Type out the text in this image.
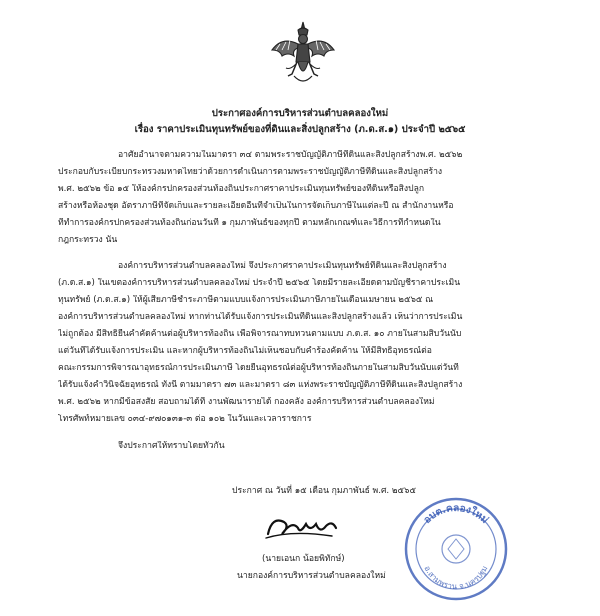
ประกาศองค์การบริหารส่วนตำบลคลองใหม่
เรื่อง ราคาประเมินทุนทรัพย์ของที่ดินและสิ่งปลูกสร้าง (ภ.ด.ส.๑) ประจำปี ๒๕๖๕
อาศัยอำนาจตามความในมาตรา ๓๔ ตามพระราชบัญญัติภาษีที่ดินและสิ่งปลูกสร้างพ.ศ. ๒๕๖๒
ประกอบกับระเบียบกระทรวงมหาดไทยว่าด้วยการดำเนินการตามพระราชบัญญัติภาษีที่ดินและสิ่งปลูกสร้าง
พ.ศ. ๒๕๖๒ ข้อ ๑๕ ให้องค์กรปกครองส่วนท้องถิ่นประกาศราคาประเมินทุนทรัพย์ของที่ดินหรือสิ่งปลูก
สร้างหรือห้องชุด อัตราภาษีที่จัดเก็บและรายละเอียดอื่นที่จำเป็นในการจัดเก็บภาษีในแต่ละปี ณ สำนักงานหรือ
ที่ทำการองค์กรปกครองส่วนท้องถิ่นก่อนวันที่ ๑ กุมภาพันธ์ของทุกปี ตามหลักเกณฑ์และวิธีการที่กำหนดใน
กฎกระทรวง นั้น
องค์การบริหารส่วนตำบลคลองใหม่ จึงประกาศราคาประเมินทุนทรัพย์ที่ดินและสิ่งปลูกสร้าง
(ภ.ด.ส.๑) ในเขตองค์การบริหารส่วนตำบลคลองใหม่ ประจำปี ๒๕๖๕ โดยมีรายละเอียดตามบัญชีราคาประเมิน
ทุนทรัพย์ (ภ.ด.ส.๑) ให้ผู้เสียภาษีชำระภาษีตามแบบแจ้งการประเมินภาษีภายในเดือนเมษายน ๒๕๖๕ ณ
องค์การบริหารส่วนตำบลคลองใหม่ หากท่านได้รับแจ้งการประเมินที่ดินและสิ่งปลูกสร้างแล้ว เห็นว่าการประเมิน
ไม่ถูกต้อง มีสิทธิยื่นคำคัดค้านต่อผู้บริหารท้องถิ่น เพื่อพิจารณาทบทวนตามแบบ ภ.ด.ส. ๑๐ ภายในสามสิบวันนับ
แต่วันที่ได้รับแจ้งการประเมิน และหากผู้บริหารท้องถิ่นไม่เห็นชอบกับคำร้องคัดค้าน ให้มีสิทธิอุทธรณ์ต่อ
คณะกรรมการพิจารณาอุทธรณ์การประเมินภาษี โดยยื่นอุทธรณ์ต่อผู้บริหารท้องถิ่นภายในสามสิบวันนับแต่วันที่
ได้รับแจ้งคำวินิจฉัยอุทธรณ์ ทั้งนี้ ตามมาตรา ๗๓ และมาตรา ๘๓ แห่งพระราชบัญญัติภาษีที่ดินและสิ่งปลูกสร้าง
พ.ศ. ๒๕๖๒ หากมีข้อสงสัย สอบถามได้ที่ งานพัฒนารายได้ กองคลัง องค์การบริหารส่วนตำบลคลองใหม่
โทรศัพท์หมายเลข ๐๓๔-๙๗๐๑๓๑-๓ ต่อ ๑๐๒ ในวันและเวลาราชการ
จึงประกาศให้ทราบโดยทั่วกัน
ประกาศ ณ วันที่ ๑๕ เดือน กุมภาพันธ์ พ.ศ. ๒๕๖๕
อบต.คลองใหม่
อ.สามพราน จ.นครปฐม
(นายเอนก น้อยพิทักษ์)
นายกองค์การบริหารส่วนตำบลคลองใหม่
